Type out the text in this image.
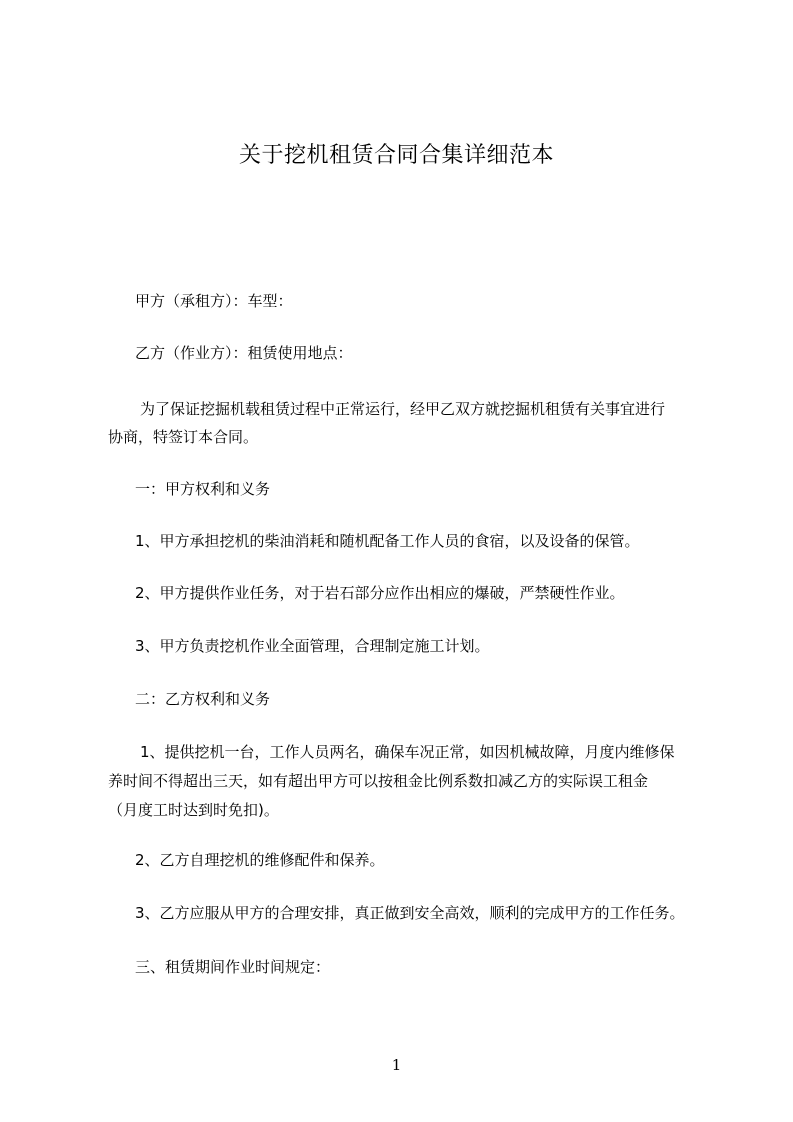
关于挖机租赁合同合集详细范本
甲方（承租方）：车型：
乙方（作业方）：租赁使用地点：
为了保证挖掘机载租赁过程中正常运行，经甲乙双方就挖掘机租赁有关事宜进行
协商，特签订本合同。
一：甲方权利和义务
1、甲方承担挖机的柴油消耗和随机配备工作人员的食宿，以及设备的保管。
2、甲方提供作业任务，对于岩石部分应作出相应的爆破，严禁硬性作业。
3、甲方负责挖机作业全面管理，合理制定施工计划。
二：乙方权利和义务
1、提供挖机一台，工作人员两名，确保车况正常，如因机械故障，月度内维修保
养时间不得超出三天，如有超出甲方可以按租金比例系数扣减乙方的实际误工租金
（月度工时达到时免扣)。
2、乙方自理挖机的维修配件和保养。
3、乙方应服从甲方的合理安排，真正做到安全高效，顺利的完成甲方的工作任务。
三、租赁期间作业时间规定：
1
